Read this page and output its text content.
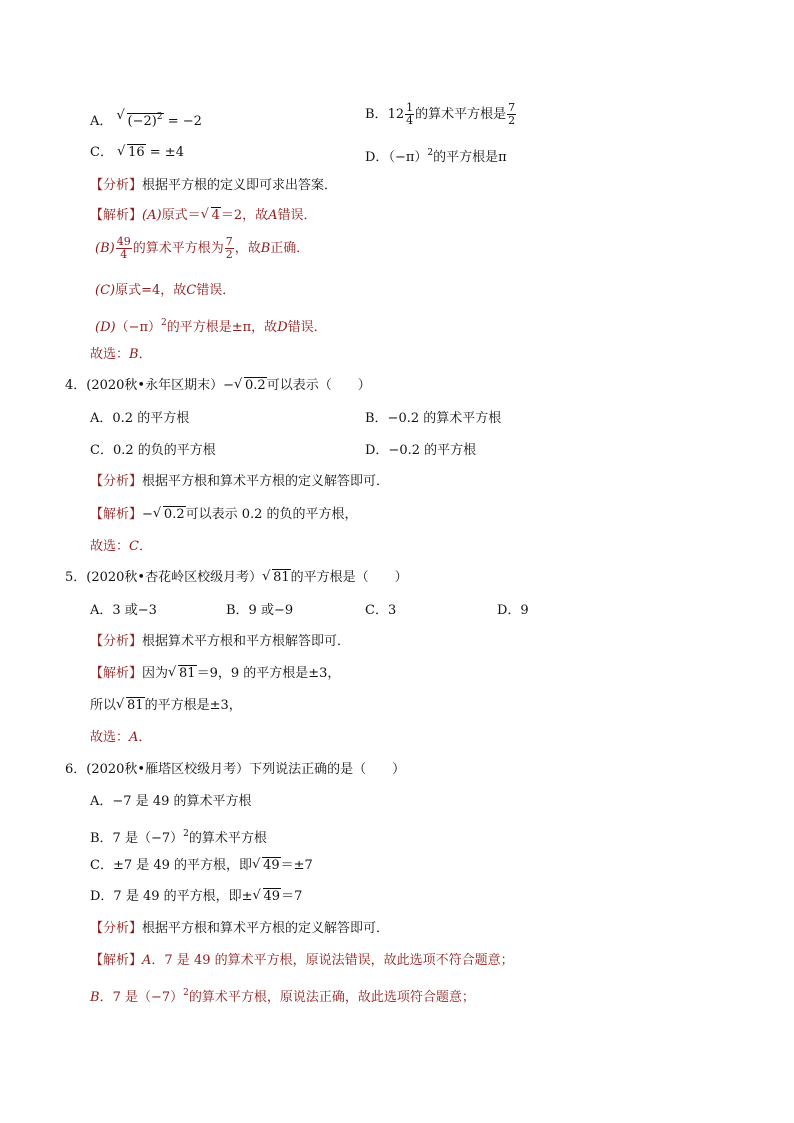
A． √ $(-2)^2 = -2$	B．$12 \frac{1}{4}$ 的算术平方根是 $\frac{7}{2}$
C． √ 16 = ±4	D．$(-\pi)^2$的平方根是π
【分析】根据平方根的定义即可求出答案．
【解析】(A)原式＝ √ 4＝2，故A错误．
$(B) \frac{49}{4}$ 的算术平方根为 $\frac{7}{2}$ ，故B正确．
(C)原式=4，故C错误．
$(D)(-\pi)^2$的平方根是±π，故D错误．
故选：B．
4．(2020秋•永年区期末）− √ 0.2可以表示（　　）
A．0.2 的平方根	B．−0.2 的算术平方根
C．0.2 的负的平方根	D．−0.2 的平方根
【分析】根据平方根和算术平方根的定义解答即可．
【解析】− √ 0.2可以表示 0.2 的负的平方根，
故选：C．
5．(2020秋•杏花岭区校级月考） √ 81的平方根是（　　）
A．3 或−3	B．9 或−9	C．3	D．9
【分析】根据算术平方根和平方根解答即可．
【解析】因为 √ 81＝9，9 的平方根是±3，
所以 √ 81的平方根是±3，
故选：A．
6．(2020秋•雁塔区校级月考）下列说法正确的是（　　）
A．−7 是 49 的算术平方根
B．7 是$(-7)^2$的算术平方根
C．±7 是 49 的平方根，即 √ 49＝±7
D．7 是 49 的平方根，即± √ 49＝7
【分析】根据平方根和算术平方根的定义解答即可．
【解析】A．7 是 49 的算术平方根，原说法错误，故此选项不符合题意；
B．7 是$(-7)^2$的算术平方根，原说法正确，故此选项符合题意；
